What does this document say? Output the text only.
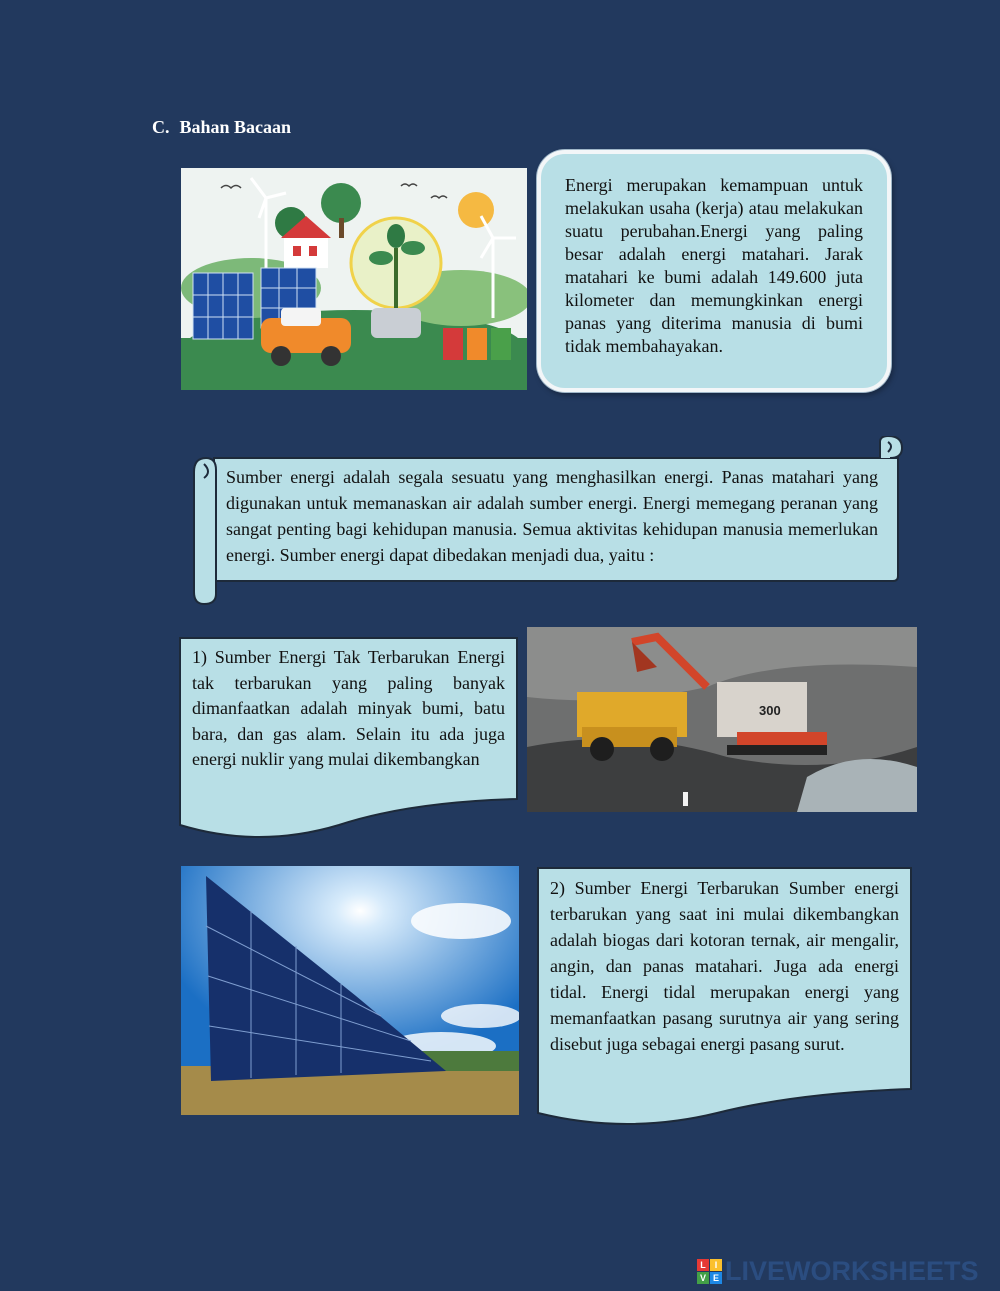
C. Bahan Bacaan
Energi merupakan kemampuan untuk melakukan usaha (kerja) atau melakukan suatu perubahan.Energi yang paling besar adalah energi matahari. Jarak matahari ke bumi adalah 149.600 juta kilometer dan memungkinkan energi panas yang diterima manusia di bumi tidak membahayakan.
Sumber energi adalah segala sesuatu yang menghasilkan energi. Panas matahari yang digunakan untuk memanaskan air adalah sumber energi. Energi memegang peranan yang sangat penting bagi kehidupan manusia. Semua aktivitas kehidupan manusia memerlukan energi. Sumber energi dapat dibedakan menjadi dua, yaitu :
1) Sumber Energi Tak Terbarukan Energi tak terbarukan yang paling banyak dimanfaatkan adalah minyak bumi, batu bara, dan gas alam. Selain itu ada juga energi nuklir yang mulai dikembangkan
300
2) Sumber Energi Terbarukan Sumber energi terbarukan yang saat ini mulai dikembangkan adalah biogas dari kotoran ternak, air mengalir, angin, dan panas matahari. Juga ada energi tidal. Energi tidal merupakan energi yang memanfaatkan pasang surutnya air yang sering disebut juga sebagai energi pasang surut.
L I
V E LIVEWORKSHEETS
